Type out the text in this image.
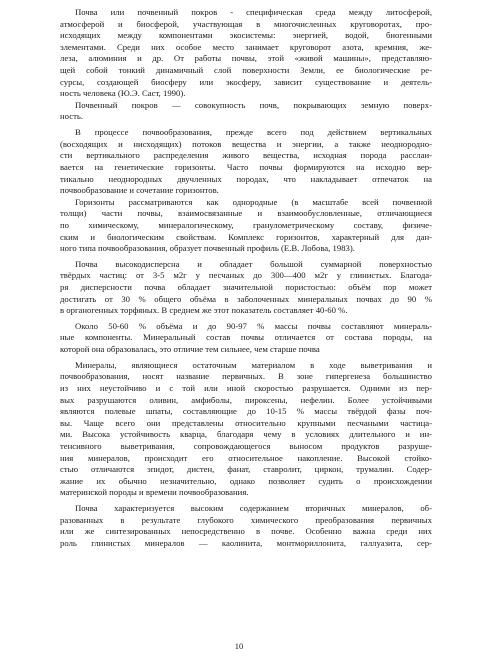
Почва или почвенный покров - специфическая среда между литосферой,
атмосферой и биосферой, участвующая в многочисленных круговоротах, про-
исходящих между компонентами экосистемы: энергией, водой, биогенными
элементами. Среди них особое место занимает круговорот азота, кремния, же-
леза, алюминия и др. От работы почвы, этой «живой машины», представляю-
щей собой тонкий динамичный слой поверхности Земли, ее биологические ре-
сурсы, создающей биосферу или экосферу, зависит существование и деятель-
ность человека (Ю.Э. Саст, 1990).
Почвенный покров — совокупность почв, покрывающих земную поверх-
ность.
В процессе почвообразования, прежде всего под действием вертикальных
(восходящих и нисходящих) потоков вещества и энергии, а также неоднородно-
сти вертикального распределения живого вещества, исходная порода расслаи-
вается на генетические горизонты. Часто почвы формируются на исходно вер-
тикально неоднородных двучленных породах, что накладывает отпечаток на
почвообразование и сочетание горизонтов.
Горизонты рассматриваются как однородные (в масштабе всей почвенной
толщи) части почвы, взаимосвязанные и взаимообусловленные, отличающиеся
по химическому, минералогическому, гранулометрическому составу, физиче-
ским и биологическим свойствам. Комплекс горизонтов, характерный для дан-
ного типа почвообразования, образует почвенный профиль (Е.В. Лобова, 1983).
Почва высокодисперсна и обладает большой суммарной поверхностью
твёрдых частиц: от 3-5 м2г у песчаных до 300—400 м2г у глинистых. Благода-
ря дисперсности почва обладает значительной пористостью: объём пор может
достигать от 30 % общего объёма в заболоченных минеральных почвах до 90 %
в органогенных торфяных. В среднем же этот показатель составляет 40-60 %.
Около 50-60 % объёма и до 90-97 % массы почвы составляют минераль-
ные компоненты. Минеральный состав почвы отличается от состава породы, на
которой она образовалась, это отличие тем сильнее, чем старше почва
Минералы, являющиеся остаточным материалом в ходе выветривания и
почвообразования, носят название первичных. В зоне гипергенеза большинство
из них неустойчиво и с той или иной скоростью разрушается. Одними из пер-
вых разрушаются оливин, амфиболы, пироксены, нефелин. Более устойчивыми
являются полевые шпаты, составляющие до 10-15 % массы твёрдой фазы поч-
вы. Чаще всего они представлены относительно крупными песчаными частица-
ми. Высока устойчивость кварца, благодаря чему в условиях длительного и ин-
тенсивного выветривания, сопровождающегося выносом продуктов разруше-
ния минералов, происходит его относительное накопление. Высокой стойко-
стью отличаются эпидот, дистен, фанат, ставролит, циркон, трумалин. Содер-
жание их обычно незначительно, однако позволяет судить о происхождении
материнской породы и времени почвообразования.
Почва характеризуется высоким содержанием вторичных минералов, об-
разованных в результате глубокого химического преобразования первичных
или же синтезированных непосредственно в почве. Особенно важна среди них
роль глинистых минералов — каолинита, монтмориллонита, галлуазита, сер-
10
